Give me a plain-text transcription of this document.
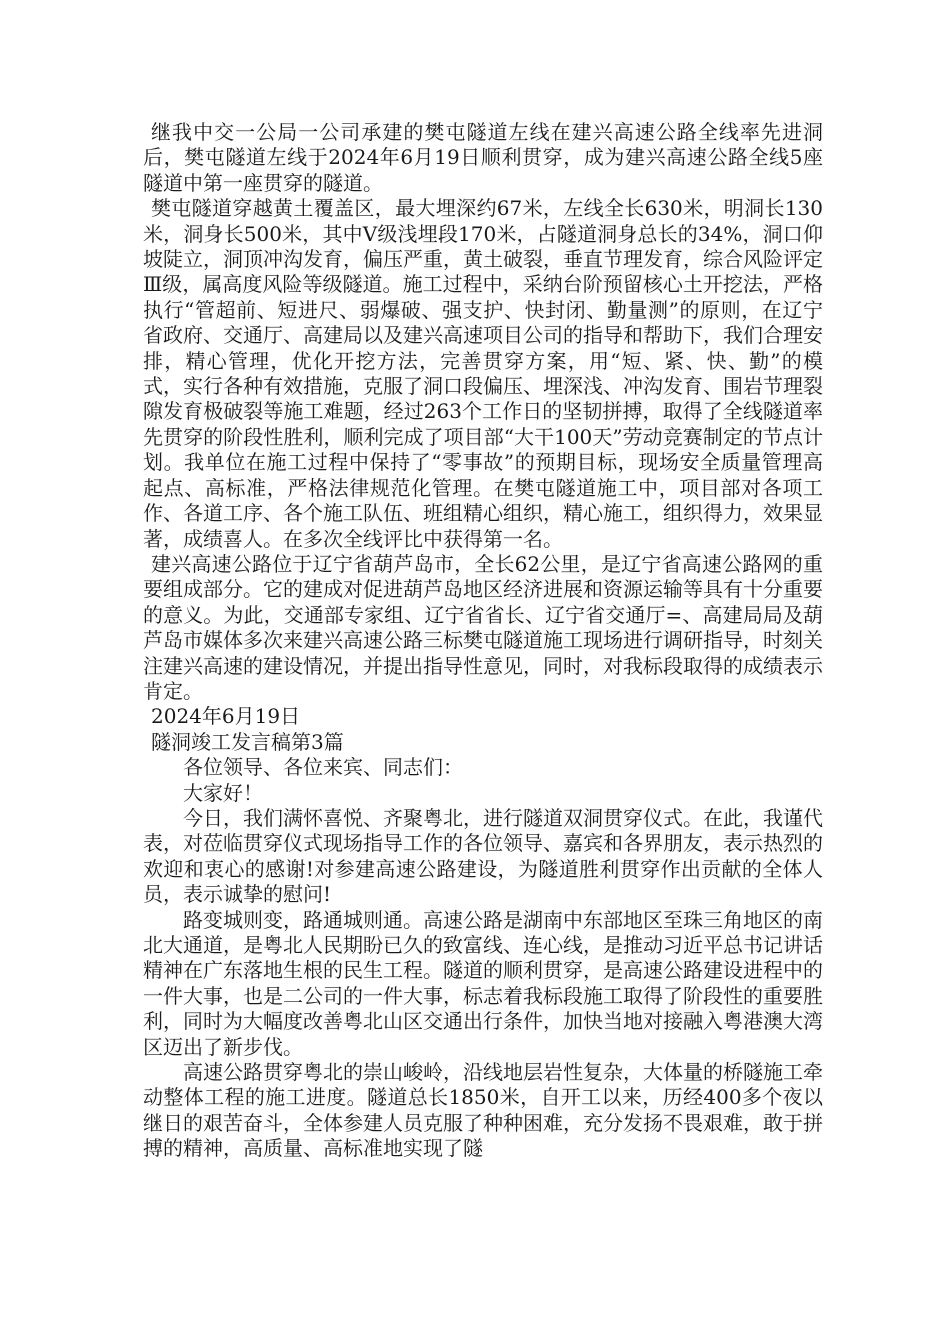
继我中交一公局一公司承建的樊屯隧道左线在建兴高速公路全线率先进洞后，樊屯隧道左线于2024年6月19日顺利贯穿，成为建兴高速公路全线5座隧道中第一座贯穿的隧道。

樊屯隧道穿越黄土覆盖区，最大埋深约67米，左线全长630米，明洞长130米，洞身长500米，其中Ⅴ级浅埋段170米，占隧道洞身总长的34%，洞口仰坡陡立，洞顶冲沟发育，偏压严重，黄土破裂，垂直节理发育，综合风险评定Ⅲ级，属高度风险等级隧道。施工过程中，采纳台阶预留核心土开挖法，严格执行“管超前、短进尺、弱爆破、强支护、快封闭、勤量测”的原则，在辽宁省政府、交通厅、高建局以及建兴高速项目公司的指导和帮助下，我们合理安排，精心管理，优化开挖方法，完善贯穿方案，用“短、紧、快、勤”的模式，实行各种有效措施，克服了洞口段偏压、埋深浅、冲沟发育、围岩节理裂隙发育极破裂等施工难题，经过263个工作日的坚韧拼搏，取得了全线隧道率先贯穿的阶段性胜利，顺利完成了项目部“大干100天”劳动竞赛制定的节点计划。我单位在施工过程中保持了“零事故”的预期目标，现场安全质量管理高起点、高标准，严格法律规范化管理。在樊屯隧道施工中，项目部对各项工作、各道工序、各个施工队伍、班组精心组织，精心施工，组织得力，效果显著，成绩喜人。在多次全线评比中获得第一名。

建兴高速公路位于辽宁省葫芦岛市，全长62公里，是辽宁省高速公路网的重要组成部分。它的建成对促进葫芦岛地区经济进展和资源运输等具有十分重要的意义。为此，交通部专家组、辽宁省省长、辽宁省交通厅=、高建局局及葫芦岛市媒体多次来建兴高速公路三标樊屯隧道施工现场进行调研指导，时刻关注建兴高速的建设情况，并提出指导性意见，同时，对我标段取得的成绩表示肯定。

2024年6月19日

隧洞竣工发言稿第3篇

各位领导、各位来宾、同志们：

大家好！

今日，我们满怀喜悦、齐聚粤北，进行隧道双洞贯穿仪式。在此，我谨代表，对莅临贯穿仪式现场指导工作的各位领导、嘉宾和各界朋友，表示热烈的欢迎和衷心的感谢!对参建高速公路建设，为隧道胜利贯穿作出贡献的全体人员，表示诚挚的慰问!

路变城则变，路通城则通。高速公路是湖南中东部地区至珠三角地区的南北大通道，是粤北人民期盼已久的致富线、连心线，是推动习近平总书记讲话精神在广东落地生根的民生工程。隧道的顺利贯穿，是高速公路建设进程中的一件大事，也是二公司的一件大事，标志着我标段施工取得了阶段性的重要胜利，同时为大幅度改善粤北山区交通出行条件，加快当地对接融入粤港澳大湾区迈出了新步伐。

高速公路贯穿粤北的崇山峻岭，沿线地层岩性复杂，大体量的桥隧施工牵动整体工程的施工进度。隧道总长1850米，自开工以来，历经400多个夜以继日的艰苦奋斗，全体参建人员克服了种种困难，充分发扬不畏艰难，敢于拼搏的精神，高质量、高标准地实现了隧
